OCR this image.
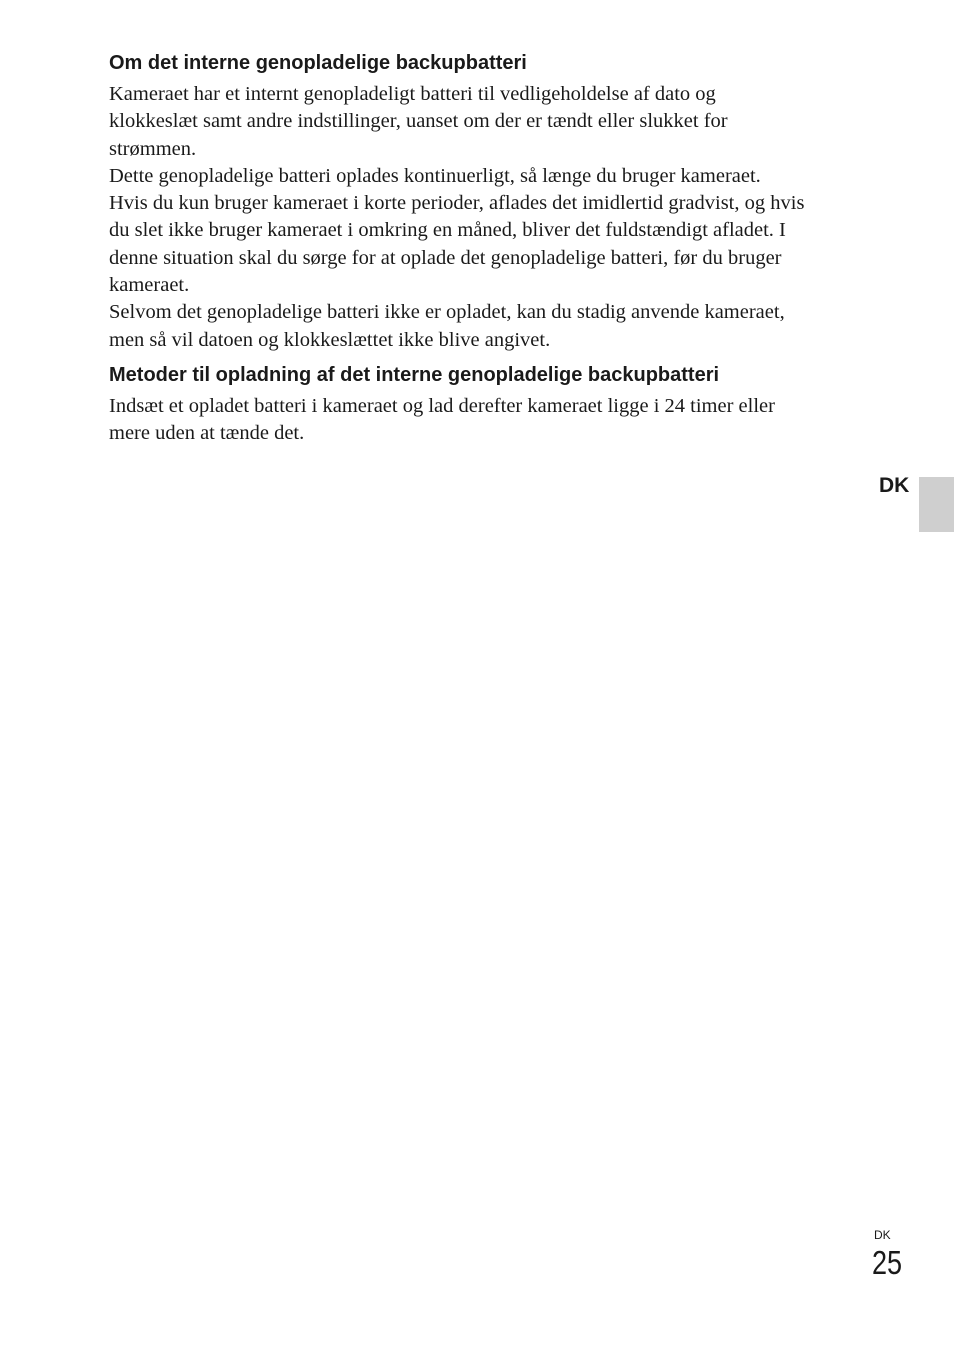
Om det interne genopladelige backupbatteri

Kameraet har et internt genopladeligt batteri til vedligeholdelse af dato og
klokkeslæt samt andre indstillinger, uanset om der er tændt eller slukket for
strømmen.

Dette genopladelige batteri oplades kontinuerligt, så længe du bruger kameraet.
Hvis du kun bruger kameraet i korte perioder, aflades det imidlertid gradvist, og hvis
du slet ikke bruger kameraet i omkring en måned, bliver det fuldstændigt afladet. I
denne situation skal du sørge for at oplade det genopladelige batteri, før du bruger
kameraet.

Selvom det genopladelige batteri ikke er opladet, kan du stadig anvende kameraet,
men så vil datoen og klokkeslættet ikke blive angivet.

Metoder til opladning af det interne genopladelige backupbatteri

Indsæt et opladet batteri i kameraet og lad derefter kameraet ligge i 24 timer eller
mere uden at tænde det.

DK
DK
25
